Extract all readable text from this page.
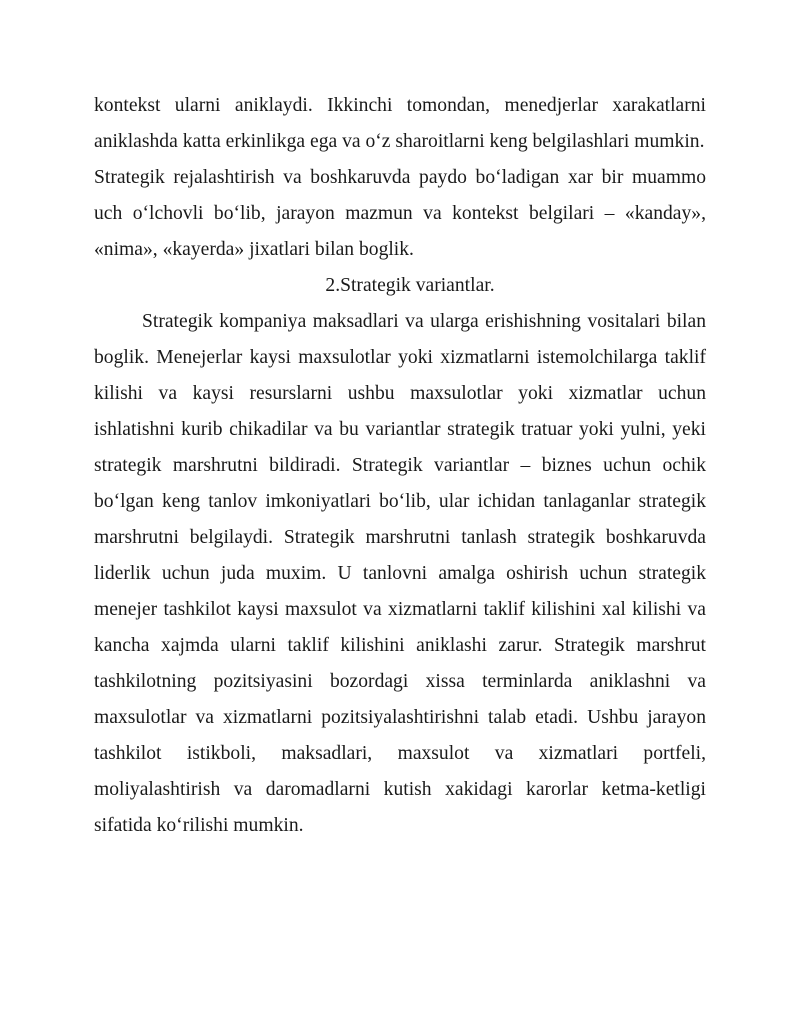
kontekst ularni aniklaydi. Ikkinchi tomondan, menedjerlar xarakatlarni aniklashda katta erkinlikga ega va o‘z sharoitlarni keng belgilashlari mumkin.

Strategik rejalashtirish va boshkaruvda paydo bo‘ladigan xar bir muammo uch o‘lchovli bo‘lib, jarayon mazmun va kontekst belgilari – «kanday», «nima», «kayerda» jixatlari bilan boglik.

2.Strategik variantlar.

Strategik kompaniya maksadlari va ularga erishishning vositalari bilan boglik. Menejerlar kaysi maxsulotlar yoki xizmatlarni istemolchilarga taklif kilishi va kaysi resurslarni ushbu maxsulotlar yoki xizmatlar uchun ishlatishni kurib chikadilar va bu variantlar strategik tratuar yoki yulni, yeki strategik marshrutni bildiradi. Strategik variantlar – biznes uchun ochik bo‘lgan keng tanlov imkoniyatlari bo‘lib, ular ichidan tanlaganlar strategik marshrutni belgilaydi. Strategik marshrutni tanlash strategik boshkaruvda liderlik uchun juda muxim. U tanlovni amalga oshirish uchun strategik menejer tashkilot kaysi maxsulot va xizmatlarni taklif kilishini xal kilishi va kancha xajmda ularni taklif kilishini aniklashi zarur. Strategik marshrut tashkilotning pozitsiyasini bozordagi xissa terminlarda aniklashni va maxsulotlar va xizmatlarni pozitsiyalashtirishni talab etadi. Ushbu jarayon tashkilot istikboli, maksadlari, maxsulot va xizmatlari portfeli, moliyalashtirish va daromadlarni kutish xakidagi karorlar ketma-ketligi sifatida ko‘rilishi mumkin.
